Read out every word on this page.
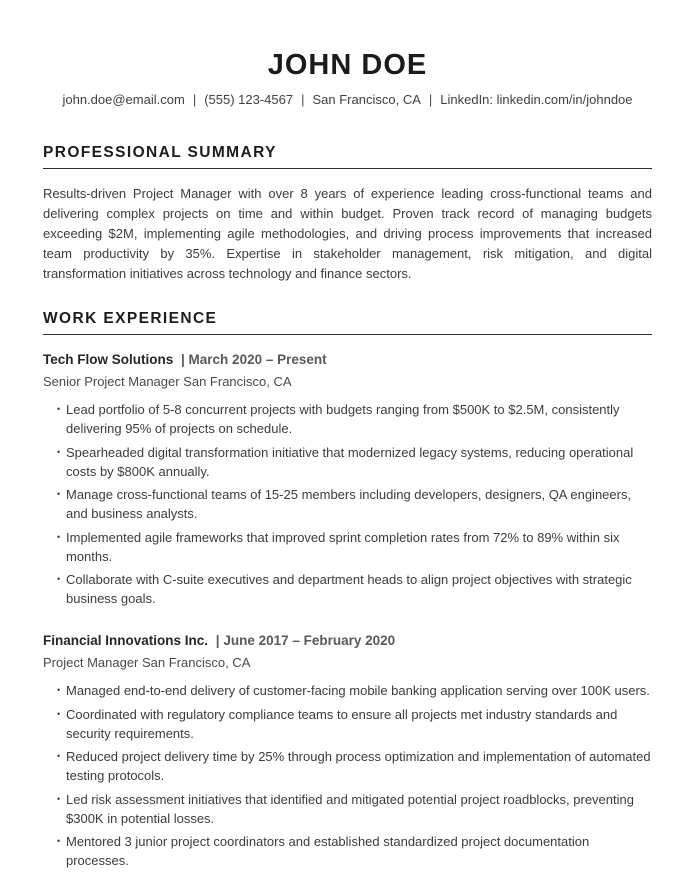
JOHN DOE
john.doe@email.com | (555) 123-4567 | San Francisco, CA | LinkedIn: linkedin.com/in/johndoe
PROFESSIONAL SUMMARY

Results-driven Project Manager with over 8 years of experience leading cross-functional teams and delivering complex projects on time and within budget. Proven track record of managing budgets exceeding $2M, implementing agile methodologies, and driving process improvements that increased team productivity by 35%. Expertise in stakeholder management, risk mitigation, and digital transformation initiatives across technology and finance sectors.

WORK EXPERIENCE
Tech Flow Solutions | March 2020 – Present
Senior Project Manager San Francisco, CA
• Lead portfolio of 5-8 concurrent projects with budgets ranging from $500K to $2.5M, consistently delivering 95% of projects on schedule.
• Spearheaded digital transformation initiative that modernized legacy systems, reducing operational costs by $800K annually.
• Manage cross-functional teams of 15-25 members including developers, designers, QA engineers, and business analysts.
• Implemented agile frameworks that improved sprint completion rates from 72% to 89% within six months.
• Collaborate with C-suite executives and department heads to align project objectives with strategic business goals.
Financial Innovations Inc. | June 2017 – February 2020
Project Manager San Francisco, CA
• Managed end-to-end delivery of customer-facing mobile banking application serving over 100K users.
• Coordinated with regulatory compliance teams to ensure all projects met industry standards and security requirements.
• Reduced project delivery time by 25% through process optimization and implementation of automated testing protocols.
• Led risk assessment initiatives that identified and mitigated potential project roadblocks, preventing $300K in potential losses.
• Mentored 3 junior project coordinators and established standardized project documentation processes.
